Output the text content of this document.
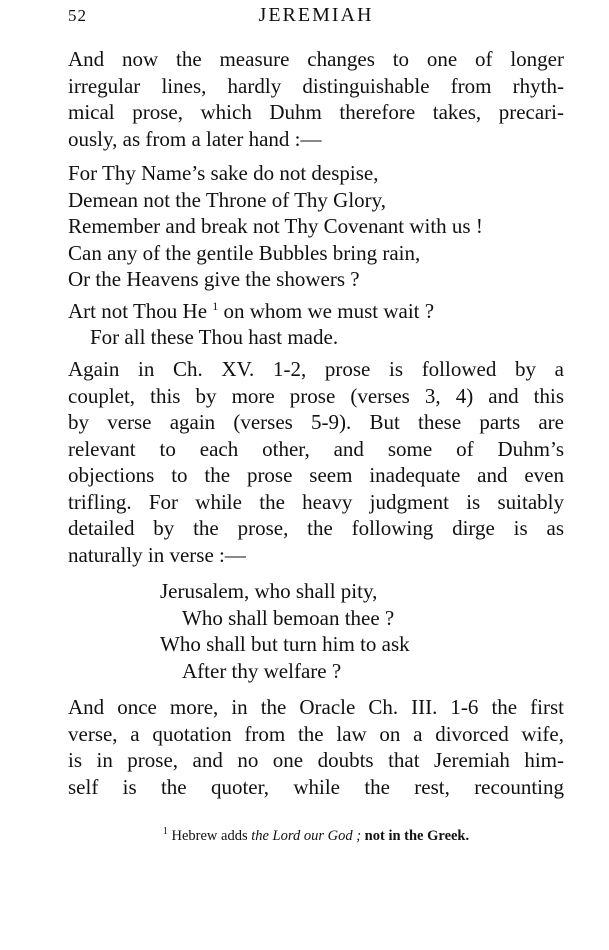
52	JEREMIAH
And now the measure changes to one of longer
irregular lines, hardly distinguishable from rhyth-
mical prose, which Duhm therefore takes, precari-
ously, as from a later hand :—
For Thy Name’s sake do not despise,
Demean not the Throne of Thy Glory,
Remember and break not Thy Covenant with us !
Can any of the gentile Bubbles bring rain,
Or the Heavens give the showers ?
Art not Thou He $^1$ on whom we must wait ?
For all these Thou hast made.
Again in Ch. XV. 1-2, prose is followed by a
couplet, this by more prose (verses 3, 4) and this
by verse again (verses 5-9). But these parts are
relevant to each other, and some of Duhm’s
objections to the prose seem inadequate and even
trifling. For while the heavy judgment is suitably
detailed by the prose, the following dirge is as
naturally in verse :—
Jerusalem, who shall pity,
Who shall bemoan thee ?
Who shall but turn him to ask
After thy welfare ?
And once more, in the Oracle Ch. III. 1-6 the first
verse, a quotation from the law on a divorced wife,
is in prose, and no one doubts that Jeremiah him-
self is the quoter, while the rest, recounting
$^1$ Hebrew adds the Lord our God ; not in the Greek.
